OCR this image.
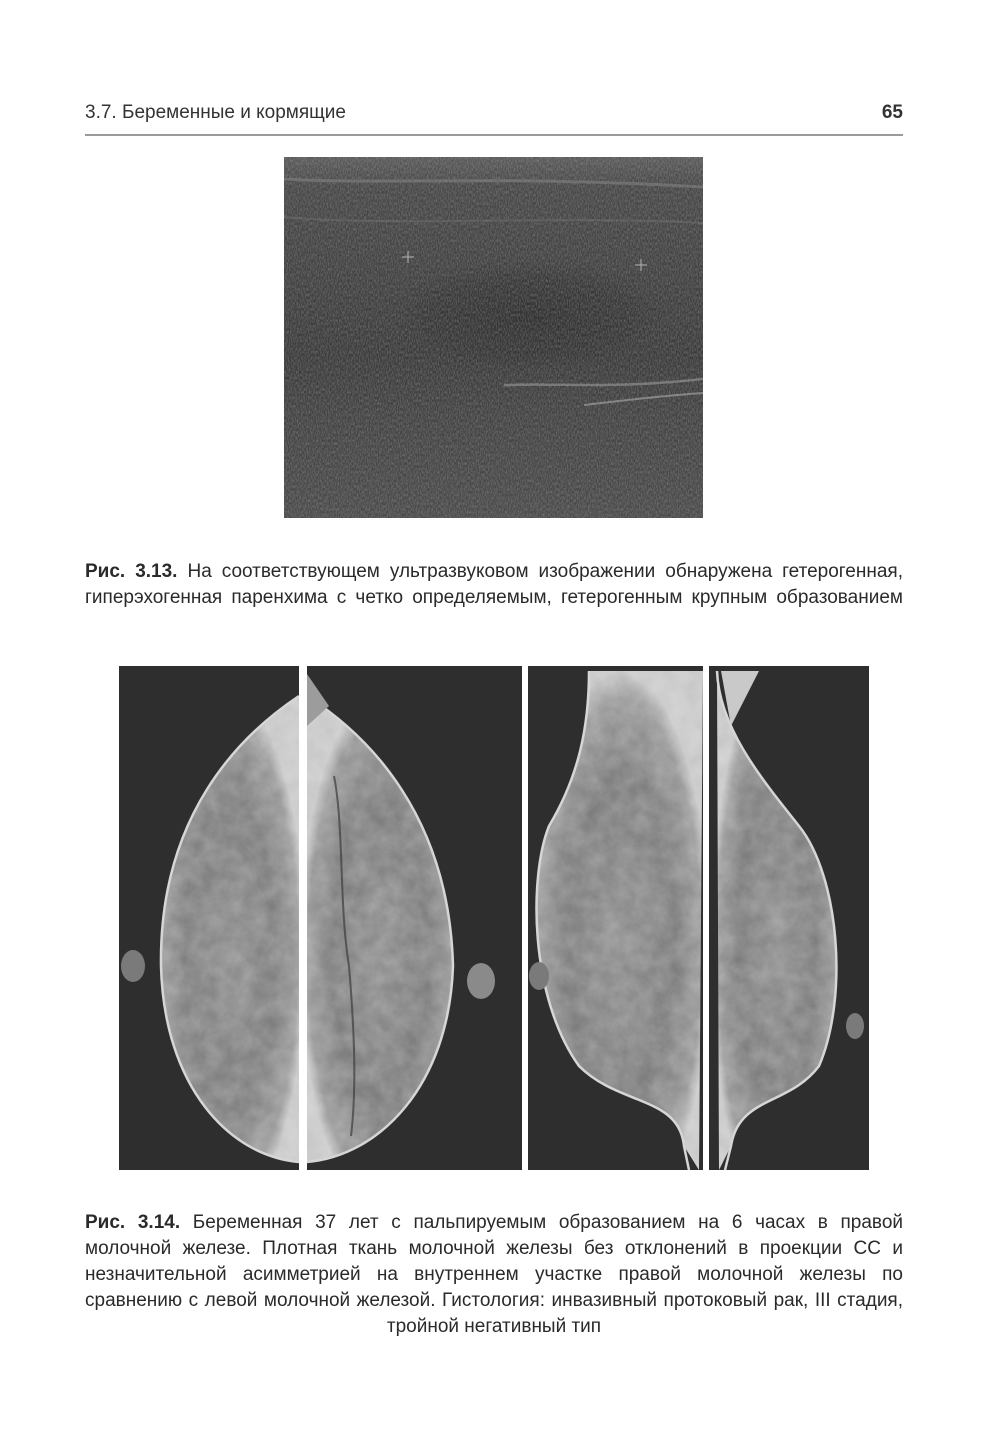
3.7. Беременные и кормящие	65

Рис. 3.13. На соответствующем ультразвуковом изображении обнаружена гетерогенная, гиперэхогенная паренхима с четко определяемым, гетерогенным крупным образованием

Рис. 3.14. Беременная 37 лет с пальпируемым образованием на 6 часах в правой молочной железе. Плотная ткань молочной железы без отклонений в проекции CC и незначительной асимметрией на внутреннем участке правой молочной железы по сравнению с левой молочной железой. Гистология: инвазивный протоковый рак, III стадия, тройной негативный тип
